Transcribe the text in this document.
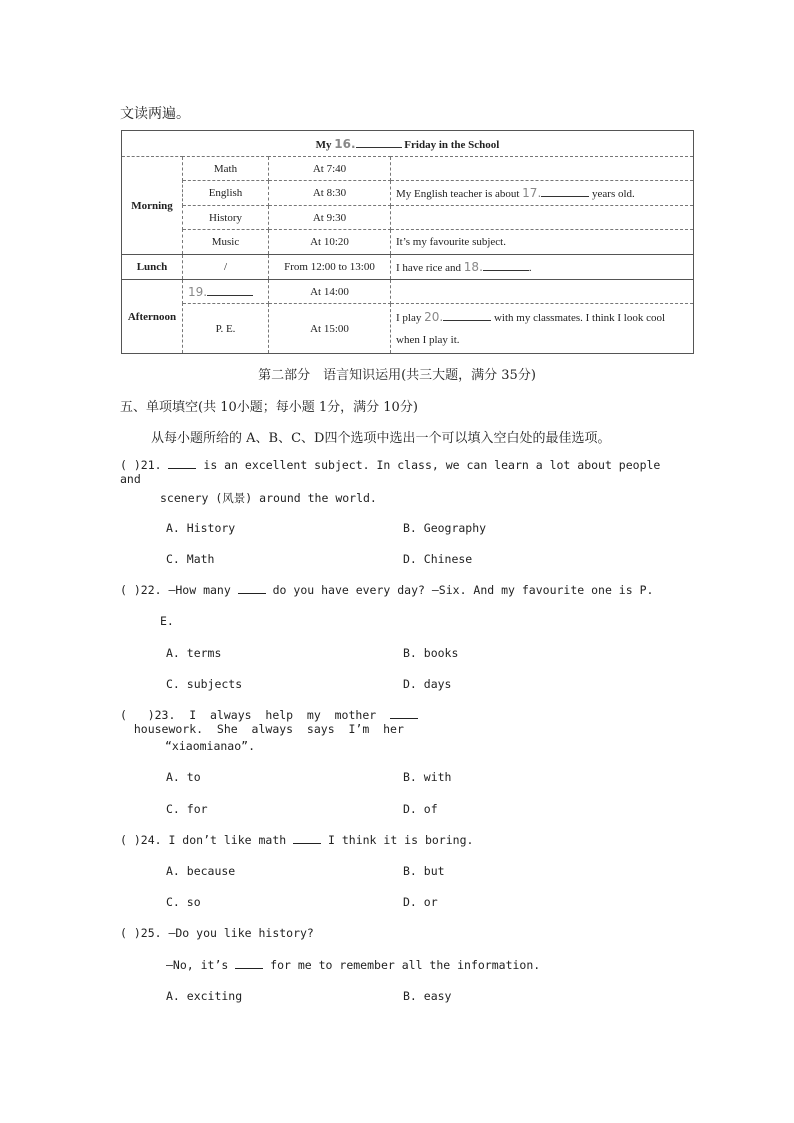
文读两遍。
My 16. Friday in the School			
Morning	Math	At 7:40	
	English	At 8:30	My English teacher is about 17. years old.
	History	At 9:30	
	Music	At 10:20	It’s my favourite subject.
Lunch	/	From 12:00 to 13:00	I have rice and 18. .
Afternoon	19.	At 14:00	
	P. E.	At 15:00	I play 20. with my classmates. I think I look cool when I play it.
第二部分　语言知识运用(共三大题，满分 35分)
五、单项填空(共 10小题；每小题 1分，满分 10分)
从每小题所给的 A、B、C、D四个选项中选出一个可以填入空白处的最佳选项。
( )21.  is an excellent subject. In class, we can learn a lot about people and
scenery (风景) around the world.
A. History	B. Geography
C. Math	D. Chinese
( )22. —How many  do you have every day? —Six. And my favourite one is P.
E.
A. terms	B. books
C. subjects	D. days
(   )23.  I  always  help  my  mother    housework.  She  always  says  I’m  her
“xiaomianao”.
A. to	B. with
C. for	D. of
( )24. I don’t like math  I think it is boring.
A. because	B. but
C. so	D. or
( )25. —Do you like history?
—No, it’s  for me to remember all the information.
A. exciting	B. easy
